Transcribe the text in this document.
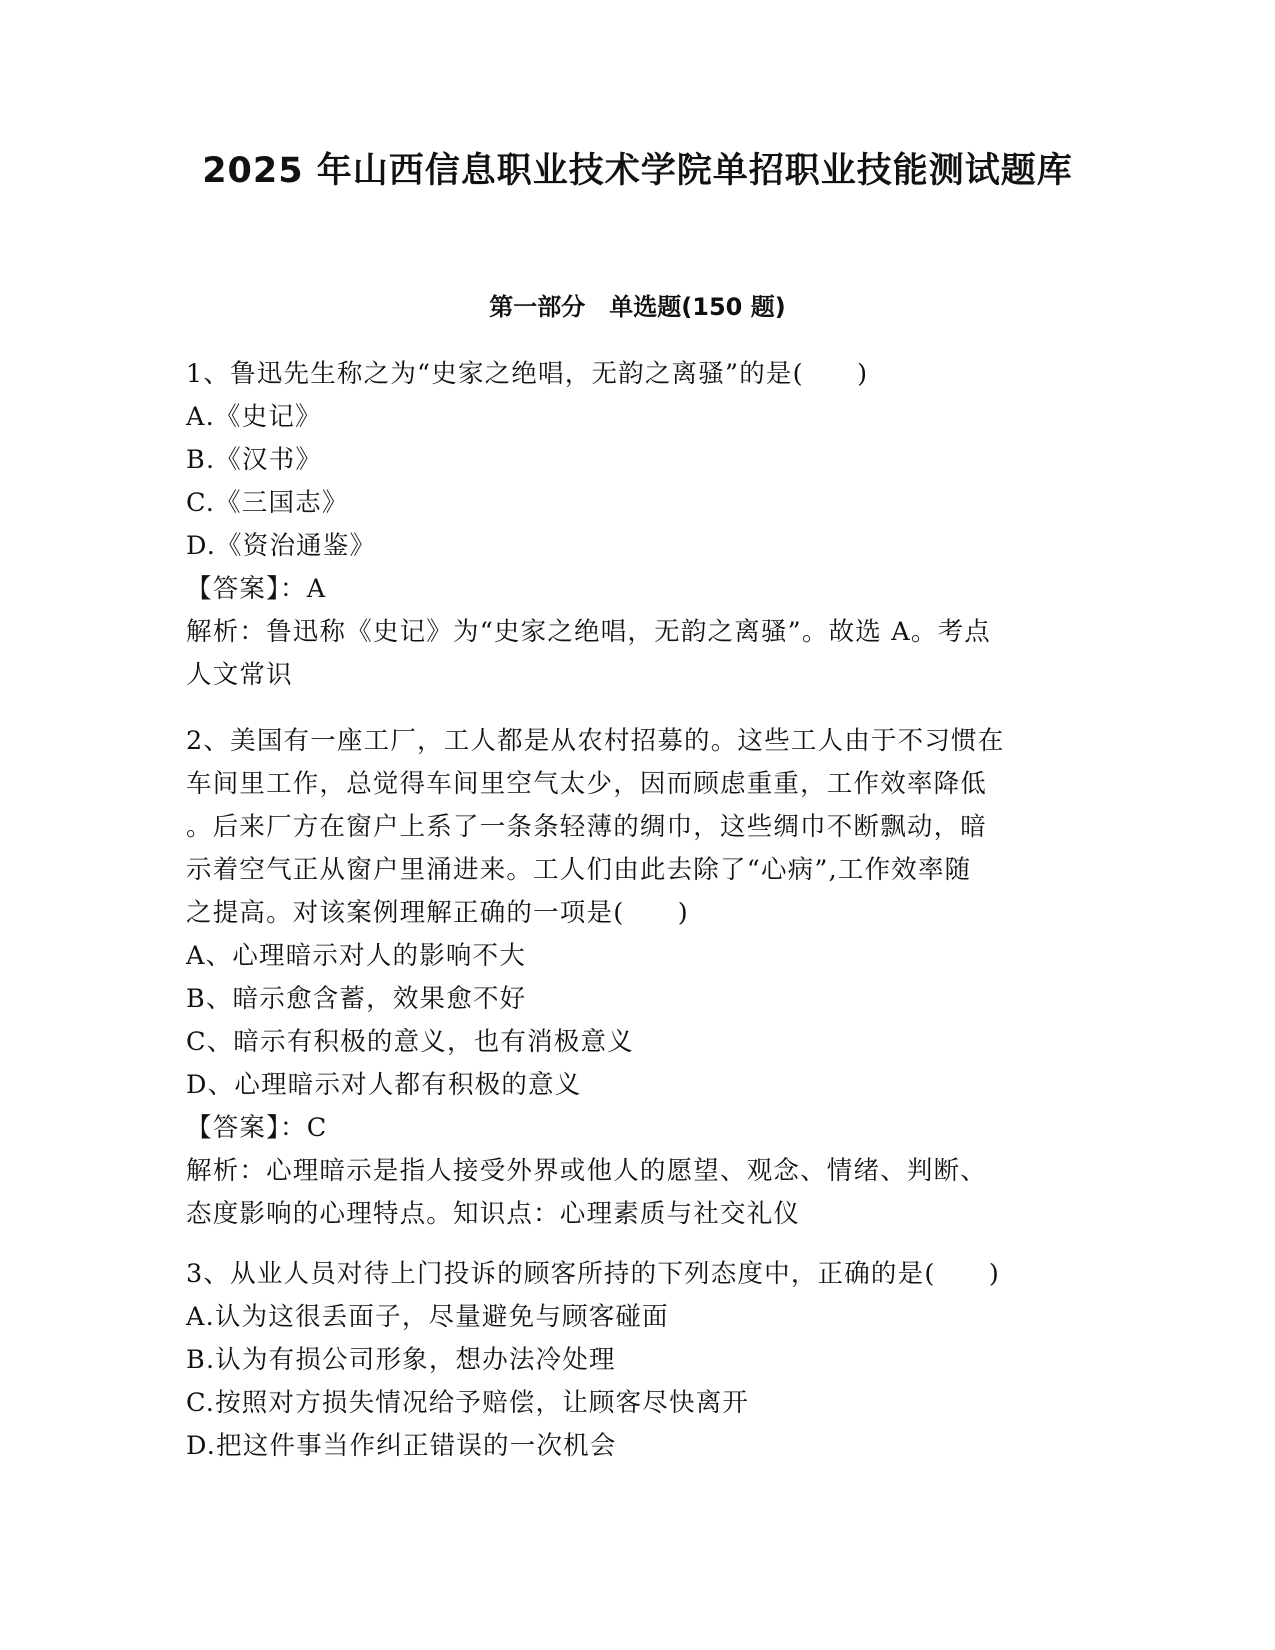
2025 年山西信息职业技术学院单招职业技能测试题库
第一部分　单选题(150 题)
1、鲁迅先生称之为“史家之绝唱，无韵之离骚”的是(　　)
A.《史记》
B.《汉书》
C.《三国志》
D.《资治通鉴》
【答案】：A
解析：鲁迅称《史记》为“史家之绝唱，无韵之离骚”。故选 A。考点
人文常识
2、美国有一座工厂，工人都是从农村招募的。这些工人由于不习惯在
车间里工作，总觉得车间里空气太少，因而顾虑重重，工作效率降低
。后来厂方在窗户上系了一条条轻薄的绸巾，这些绸巾不断飘动，暗
示着空气正从窗户里涌进来。工人们由此去除了“心病”,工作效率随
之提高。对该案例理解正确的一项是(　　)
A、心理暗示对人的影响不大
B、暗示愈含蓄，效果愈不好
C、暗示有积极的意义，也有消极意义
D、心理暗示对人都有积极的意义
【答案】：C
解析：心理暗示是指人接受外界或他人的愿望、观念、情绪、判断、
态度影响的心理特点。知识点：心理素质与社交礼仪
3、从业人员对待上门投诉的顾客所持的下列态度中，正确的是(　　)
A.认为这很丢面子，尽量避免与顾客碰面
B.认为有损公司形象，想办法冷处理
C.按照对方损失情况给予赔偿，让顾客尽快离开
D.把这件事当作纠正错误的一次机会
